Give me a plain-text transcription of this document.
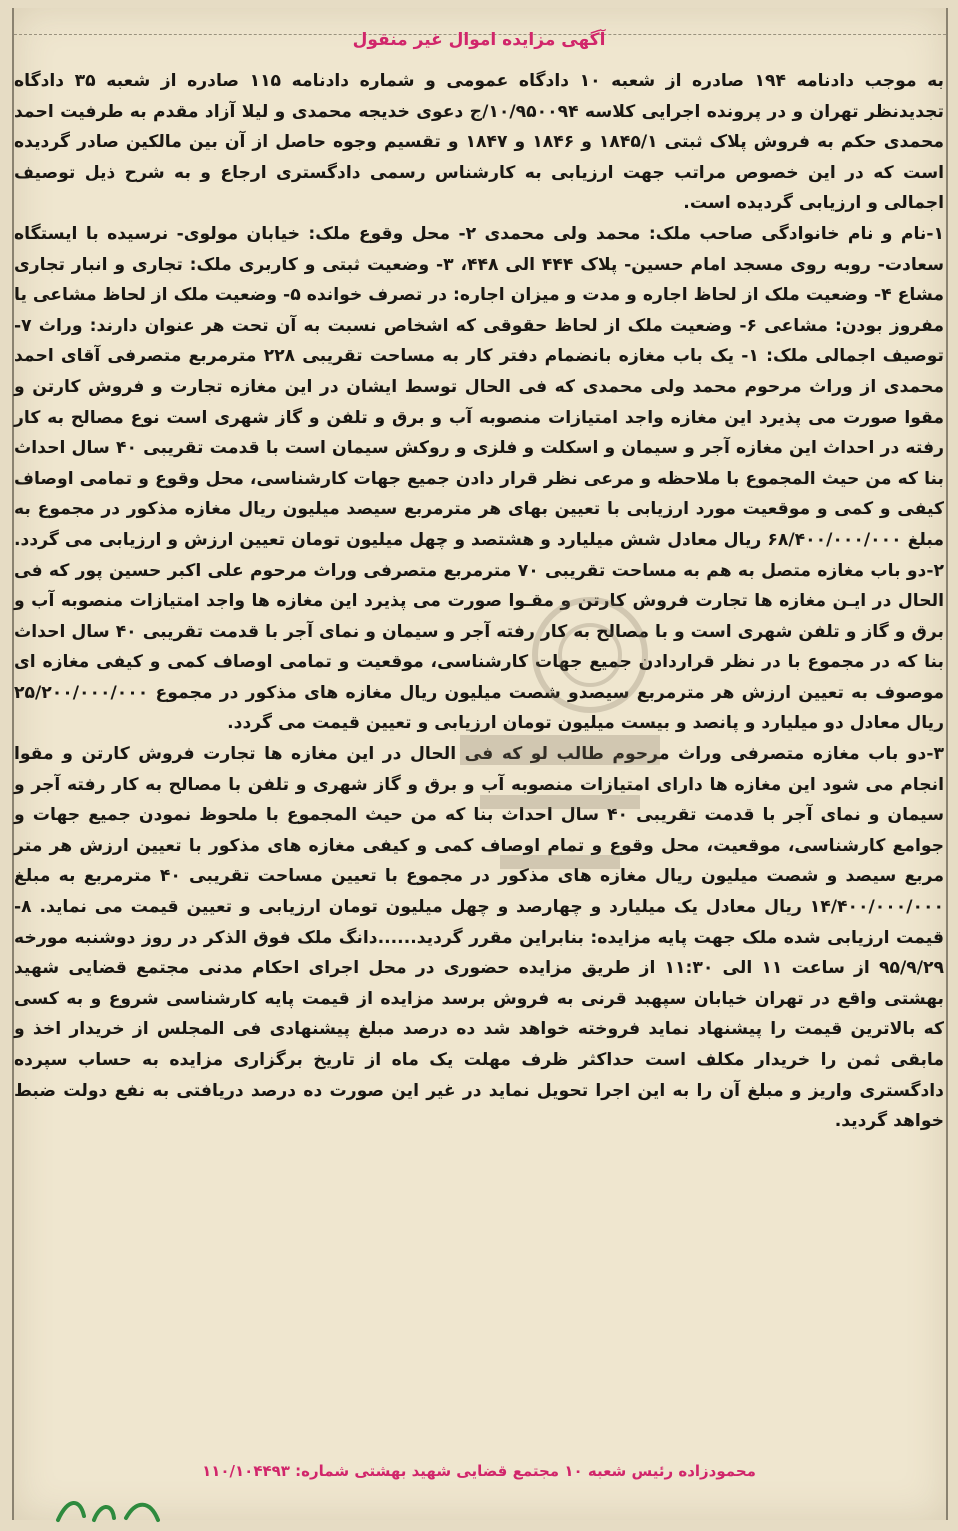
آگهی مزایده اموال غیر منقول

به موجب دادنامه ۱۹۴ صادره از شعبه ۱۰ دادگاه عمومی و شماره دادنامه ۱۱۵ صادره از شعبه ۳۵ دادگاه تجدیدنظر تهران و در پرونده اجرایی کلاسه ۱۰/۹۵۰۰۹۴/ج دعوی خدیجه محمدی و لیلا آزاد مقدم به طرفیت احمد محمدی حکم به فروش پلاک ثبتی ۱۸۴۵/۱ و ۱۸۴۶ و ۱۸۴۷ و تقسیم وجوه حاصل از آن بین مالکین صادر گردیده است که در این خصوص مراتب جهت ارزیابی به کارشناس رسمی دادگستری ارجاع و به شرح ذیل توصیف اجمالی و ارزیابی گردیده است.

۱-نام و نام خانوادگی صاحب ملک: محمد ولی محمدی ۲- محل وقوع ملک: خیابان مولوی- نرسیده با ایستگاه سعادت- روبه روی مسجد امام حسین- پلاک ۴۴۴ الی ۴۴۸، ۳- وضعیت ثبتی و کاربری ملک: تجاری و انبار تجاری مشاع ۴- وضعیت ملک از لحاظ اجاره و مدت و میزان اجاره: در تصرف خوانده ۵- وضعیت ملک از لحاظ مشاعی یا مفروز بودن: مشاعی ۶- وضعیت ملک از لحاظ حقوقی که اشخاص نسبت به آن تحت هر عنوان دارند: وراث ۷- توصیف اجمالی ملک: ۱- یک باب مغازه بانضمام دفتر کار به مساحت تقریبی ۲۲۸ مترمربع متصرفی آقای احمد محمدی از وراث مرحوم محمد ولی محمدی که فی الحال توسط ایشان در این مغازه تجارت و فروش کارتن و مقوا صورت می پذیرد این مغازه واجد امتیازات منصوبه آب و برق و تلفن و گاز شهری است نوع مصالح به کار رفته در احداث این مغازه آجر و سیمان و اسکلت و فلزی و روکش سیمان است با قدمت تقریبی ۴۰ سال احداث بنا که من حیث المجموع با ملاحظه و مرعی نظر قرار دادن جمیع جهات کارشناسی، محل وقوع و تمامی اوصاف کیفی و کمی و موقعیت مورد ارزیابی با تعیین بهای هر مترمربع سیصد میلیون ریال مغازه مذکور در مجموع به مبلغ ۶۸/۴۰۰/۰۰۰/۰۰۰ ریال معادل شش میلیارد و هشتصد و چهل میلیون تومان تعیین ارزش و ارزیابی می گردد. ۲-دو باب مغازه متصل به هم به مساحت تقریبی ۷۰ مترمربع متصرفی وراث مرحوم علی اکبر حسین پور که فی الحال در ایـن مغازه ها تجارت فروش کارتن و مقـوا صورت می پذیرد این مغازه ها واجد امتیازات منصوبه آب و برق و گاز و تلفن شهری است و با مصالح به کار رفته آجر و سیمان و نمای آجر با قدمت تقریبی ۴۰ سال احداث بنا که در مجموع با در نظر قراردادن جمیع جهات کارشناسی، موقعیت و تمامی اوصاف کمی و کیفی مغازه ای موصوف به تعیین ارزش هر مترمربع سیصدو شصت میلیون ریال مغازه های مذکور در مجموع ۲۵/۲۰۰/۰۰۰/۰۰۰ ریال معادل دو میلیارد و پانصد و بیست میلیون تومان ارزیابی و تعیین قیمت می گردد.

۳-دو باب مغازه متصرفی وراث مرحوم طالب لو که فی الحال در این مغازه ها تجارت فروش کارتن و مقوا انجام می شود این مغازه ها دارای امتیازات منصوبه آب و برق و گاز شهری و تلفن با مصالح به کار رفته آجر و سیمان و نمای آجر با قدمت تقریبی ۴۰ سال احداث بنا که من حیث المجموع با ملحوظ نمودن جمیع جهات و جوامع کارشناسی، موقعیت، محل وقوع و تمام اوصاف کمی و کیفی مغازه های مذکور با تعیین ارزش هر متر مربع سیصد و شصت میلیون ریال مغازه های مذکور در مجموع با تعیین مساحت تقریبی ۴۰ مترمربع به مبلغ ۱۴/۴۰۰/۰۰۰/۰۰۰ ریال معادل یک میلیارد و چهارصد و چهل میلیون تومان ارزیابی و تعیین قیمت می نماید. ۸- قیمت ارزیابی شده ملک جهت پایه مزایده: بنابراین مقرر گردید......دانگ ملک فوق الذکر در روز دوشنبه مورخه ۹۵/۹/۲۹ از ساعت ۱۱ الی ۱۱:۳۰ از طریق مزایده حضوری در محل اجرای احکام مدنی مجتمع قضایی شهید بهشتی واقع در تهران خیابان سپهبد قرنی به فروش برسد مزایده از قیمت پایه کارشناسی شروع و به کسی که بالاترین قیمت را پیشنهاد نماید فروخته خواهد شد ده درصد مبلغ پیشنهادی فی المجلس از خریدار اخذ و مابقی ثمن را خریدار مکلف است حداکثر ظرف مهلت یک ماه از تاریخ برگزاری مزایده به حساب سپرده دادگستری واریز و مبلغ آن را به این اجرا تحویل نماید در غیر این صورت ده درصد دریافتی به نفع دولت ضبط خواهد گردید.

محمودزاده رئیس شعبه ۱۰ مجتمع قضایی شهید بهشتی شماره: ۱۱۰/۱۰۴۴۹۳
